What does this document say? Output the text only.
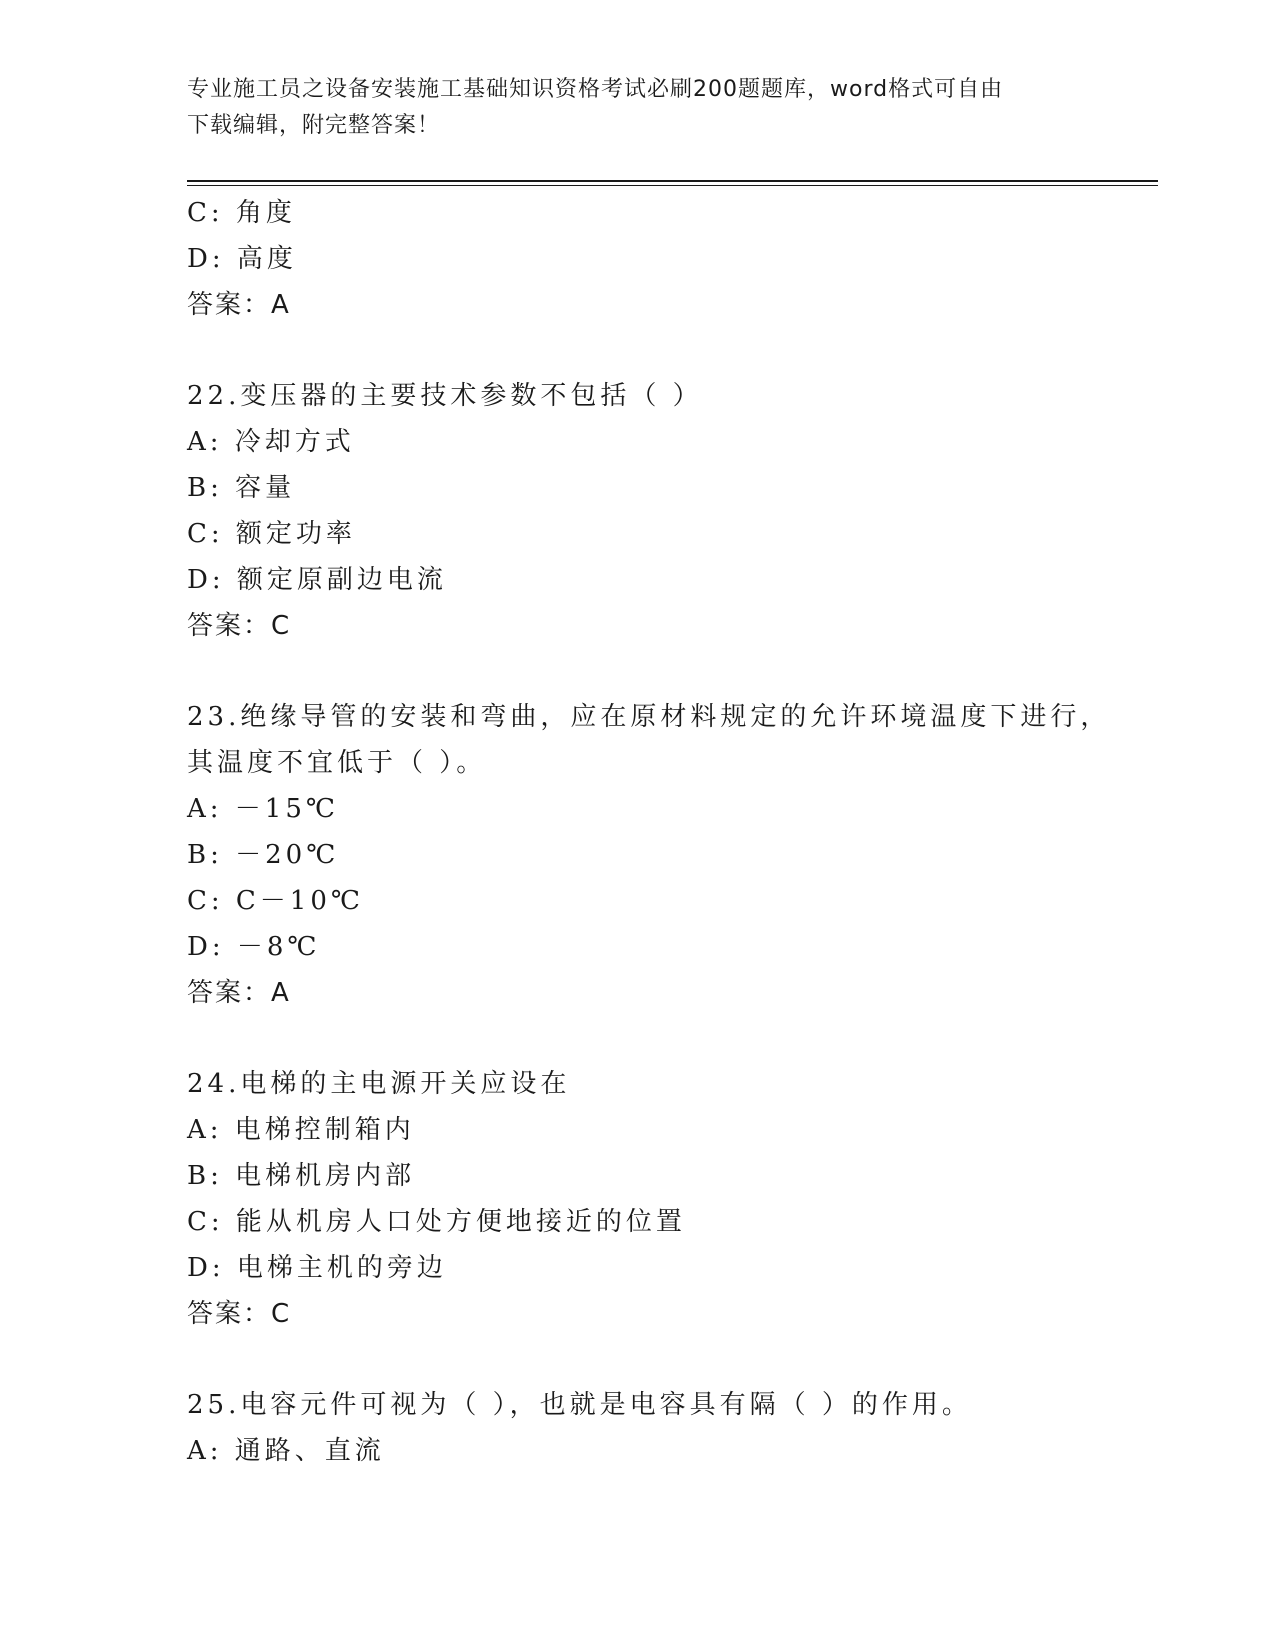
专业施工员之设备安装施工基础知识资格考试必刷200题题库，word格式可自由
下载编辑，附完整答案！
C: 角度
D: 高度
答案：A
22.变压器的主要技术参数不包括（ ）
A: 冷却方式
B: 容量
C: 额定功率
D: 额定原副边电流
答案：C
23.绝缘导管的安装和弯曲，应在原材料规定的允许环境温度下进行，
其温度不宜低于（ ）。
A: －15℃
B: －20℃
C: C－10℃
D: －8℃
答案：A
24.电梯的主电源开关应设在
A: 电梯控制箱内
B: 电梯机房内部
C: 能从机房人口处方便地接近的位置
D: 电梯主机的旁边
答案：C
25.电容元件可视为（ ），也就是电容具有隔（ ）的作用。
A: 通路、直流
